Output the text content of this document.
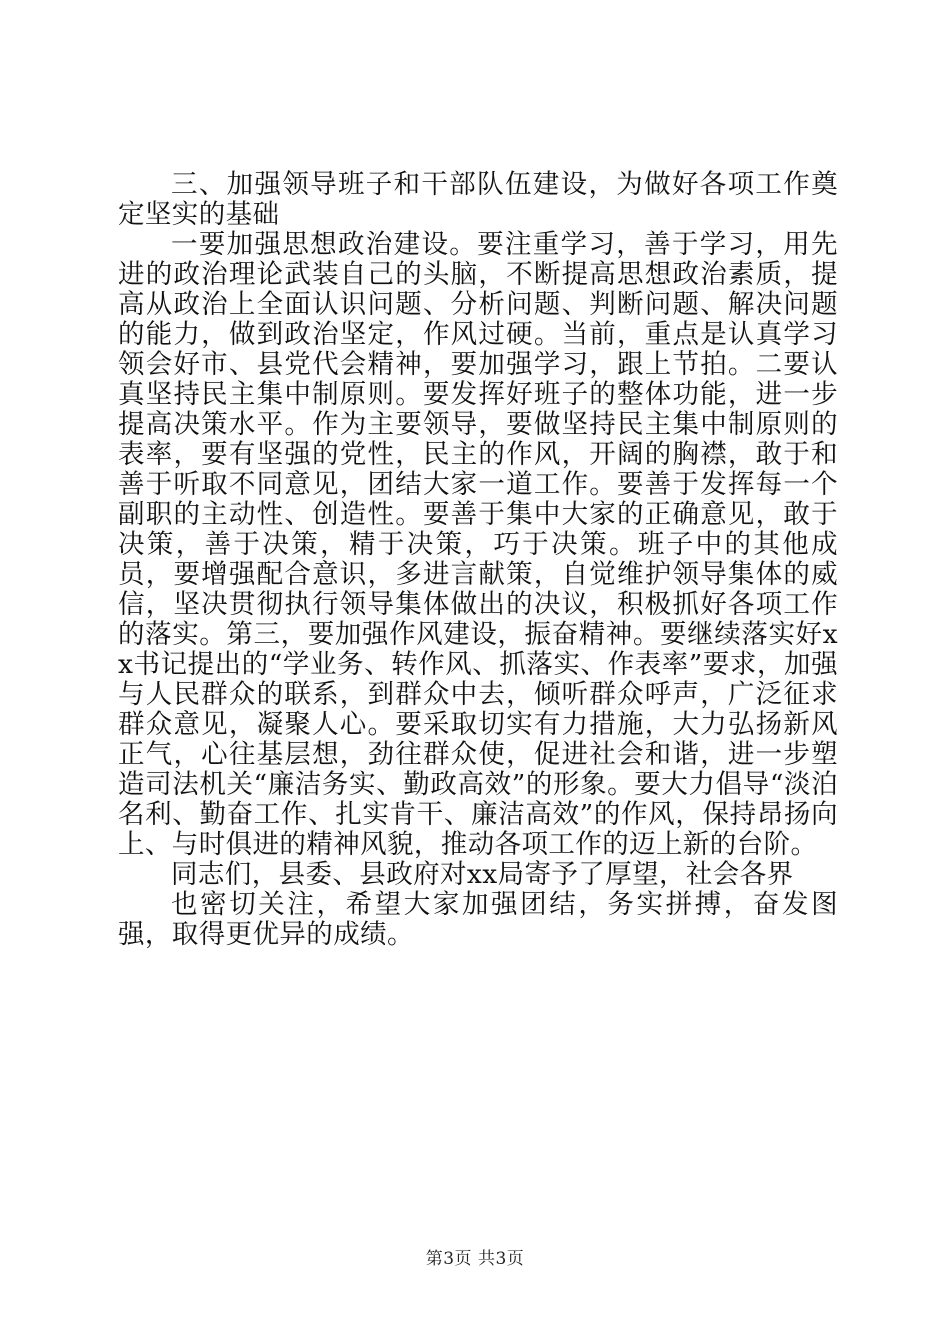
三、加强领导班子和干部队伍建设，为做好各项工作奠定坚实的基础

一要加强思想政治建设。要注重学习，善于学习，用先进的政治理论武装自己的头脑，不断提高思想政治素质，提高从政治上全面认识问题、分析问题、判断问题、解决问题的能力，做到政治坚定，作风过硬。当前，重点是认真学习领会好市、县党代会精神，要加强学习，跟上节拍。二要认真坚持民主集中制原则。要发挥好班子的整体功能，进一步提高决策水平。作为主要领导，要做坚持民主集中制原则的表率，要有坚强的党性，民主的作风，开阔的胸襟，敢于和善于听取不同意见，团结大家一道工作。要善于发挥每一个副职的主动性、创造性。要善于集中大家的正确意见，敢于决策，善于决策，精于决策，巧于决策。班子中的其他成员，要增强配合意识，多进言献策，自觉维护领导集体的威信，坚决贯彻执行领导集体做出的决议，积极抓好各项工作的落实。第三，要加强作风建设，振奋精神。要继续落实好xx书记提出的“学业务、转作风、抓落实、作表率”要求，加强与人民群众的联系，到群众中去，倾听群众呼声，广泛征求群众意见，凝聚人心。要采取切实有力措施，大力弘扬新风正气，心往基层想，劲往群众使，促进社会和谐，进一步塑造司法机关“廉洁务实、勤政高效”的形象。要大力倡导“淡泊名利、勤奋工作、扎实肯干、廉洁高效”的作风，保持昂扬向上、与时俱进的精神风貌，推动各项工作的迈上新的台阶。

同志们，县委、县政府对xx局寄予了厚望，社会各界

也密切关注，希望大家加强团结，务实拼搏，奋发图强，取得更优异的成绩。

第3页 共3页
